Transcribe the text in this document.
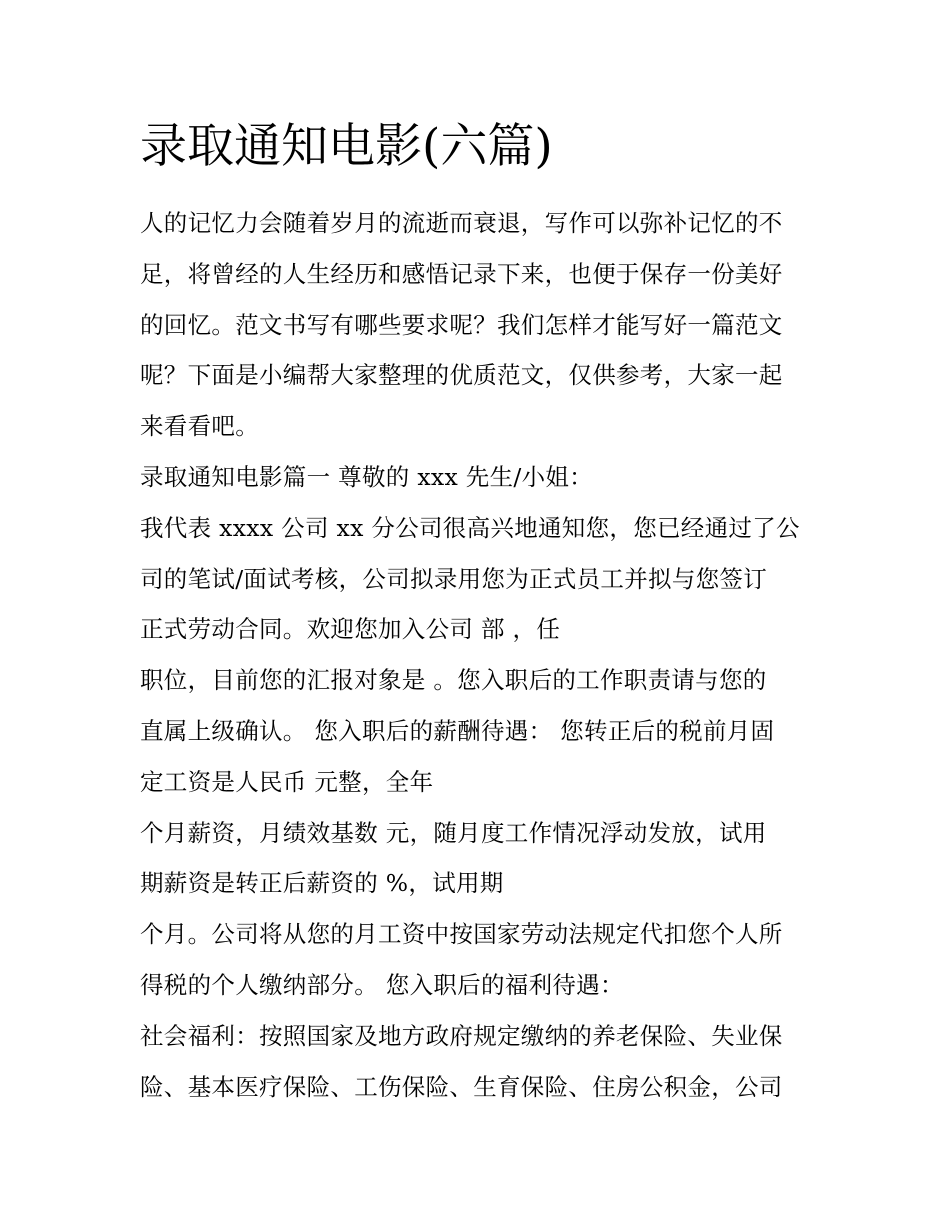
录取通知电影(六篇)
人的记忆力会随着岁月的流逝而衰退，写作可以弥补记忆的不
足，将曾经的人生经历和感悟记录下来，也便于保存一份美好
的回忆。范文书写有哪些要求呢？我们怎样才能写好一篇范文
呢？下面是小编帮大家整理的优质范文，仅供参考，大家一起
来看看吧。
录取通知电影篇一 尊敬的 xxx 先生/小姐：
我代表 xxxx 公司 xx 分公司很高兴地通知您，您已经通过了公
司的笔试/面试考核，公司拟录用您为正式员工并拟与您签订
正式劳动合同。欢迎您加入公司 部 ，任
职位，目前您的汇报对象是 。您入职后的工作职责请与您的
直属上级确认。 您入职后的薪酬待遇： 您转正后的税前月固
定工资是人民币 元整，全年
个月薪资，月绩效基数 元，随月度工作情况浮动发放，试用
期薪资是转正后薪资的 %，试用期
个月。公司将从您的月工资中按国家劳动法规定代扣您个人所
得税的个人缴纳部分。 您入职后的福利待遇：
社会福利：按照国家及地方政府规定缴纳的养老保险、失业保
险、基本医疗保险、工伤保险、生育保险、住房公积金，公司
